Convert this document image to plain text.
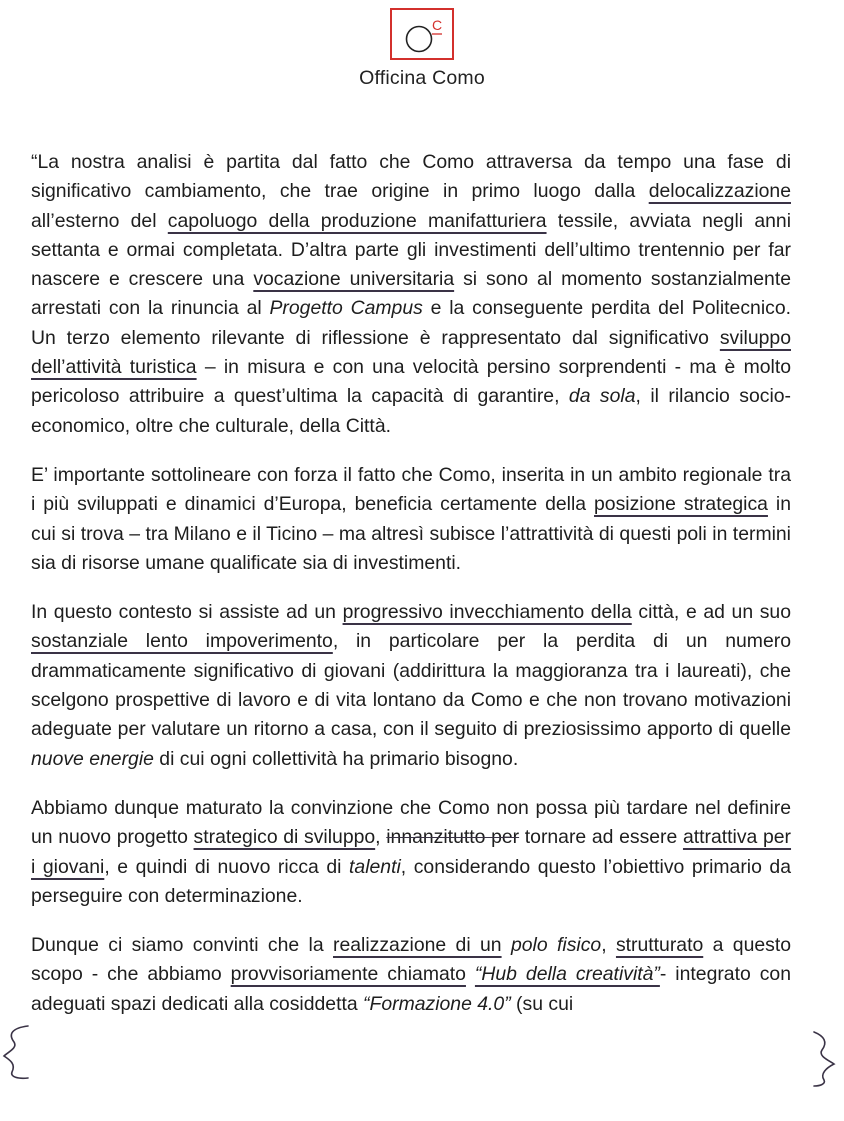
C
Officina Como

“La nostra analisi è partita dal fatto che Como attraversa da tempo una fase di significativo cambiamento, che trae origine in primo luogo dalla delocalizzazione all’esterno del capoluogo della produzione manifatturiera tessile, avviata negli anni settanta e ormai completata. D’altra parte gli investimenti dell’ultimo trentennio per far nascere e crescere una vocazione universitaria si sono al momento sostanzialmente arrestati con la rinuncia al Progetto Campus e la conseguente perdita del Politecnico. Un terzo elemento rilevante di riflessione è rappresentato dal significativo sviluppo dell’attività turistica – in misura e con una velocità persino sorprendenti - ma è molto pericoloso attribuire a quest’ultima la capacità di garantire, da sola, il rilancio socio-economico, oltre che culturale, della Città.

E’ importante sottolineare con forza il fatto che Como, inserita in un ambito regionale tra i più sviluppati e dinamici d’Europa, beneficia certamente della posizione strategica in cui si trova – tra Milano e il Ticino – ma altresì subisce l’attrattività di questi poli in termini sia di risorse umane qualificate sia di investimenti.

In questo contesto si assiste ad un progressivo invecchiamento della città, e ad un suo sostanziale lento impoverimento, in particolare per la perdita di un numero drammaticamente significativo di giovani (addirittura la maggioranza tra i laureati), che scelgono prospettive di lavoro e di vita lontano da Como e che non trovano motivazioni adeguate per valutare un ritorno a casa, con il seguito di preziosissimo apporto di quelle nuove energie di cui ogni collettività ha primario bisogno.

Abbiamo dunque maturato la convinzione che Como non possa più tardare nel definire un nuovo progetto strategico di sviluppo, innanzitutto per tornare ad essere attrattiva per i giovani, e quindi di nuovo ricca di talenti, considerando questo l’obiettivo primario da perseguire con determinazione.

Dunque ci siamo convinti che la realizzazione di un polo fisico, strutturato a questo scopo - che abbiamo provvisoriamente chiamato “Hub della creatività”- integrato con adeguati spazi dedicati alla cosiddetta “Formazione 4.0” (su cui
